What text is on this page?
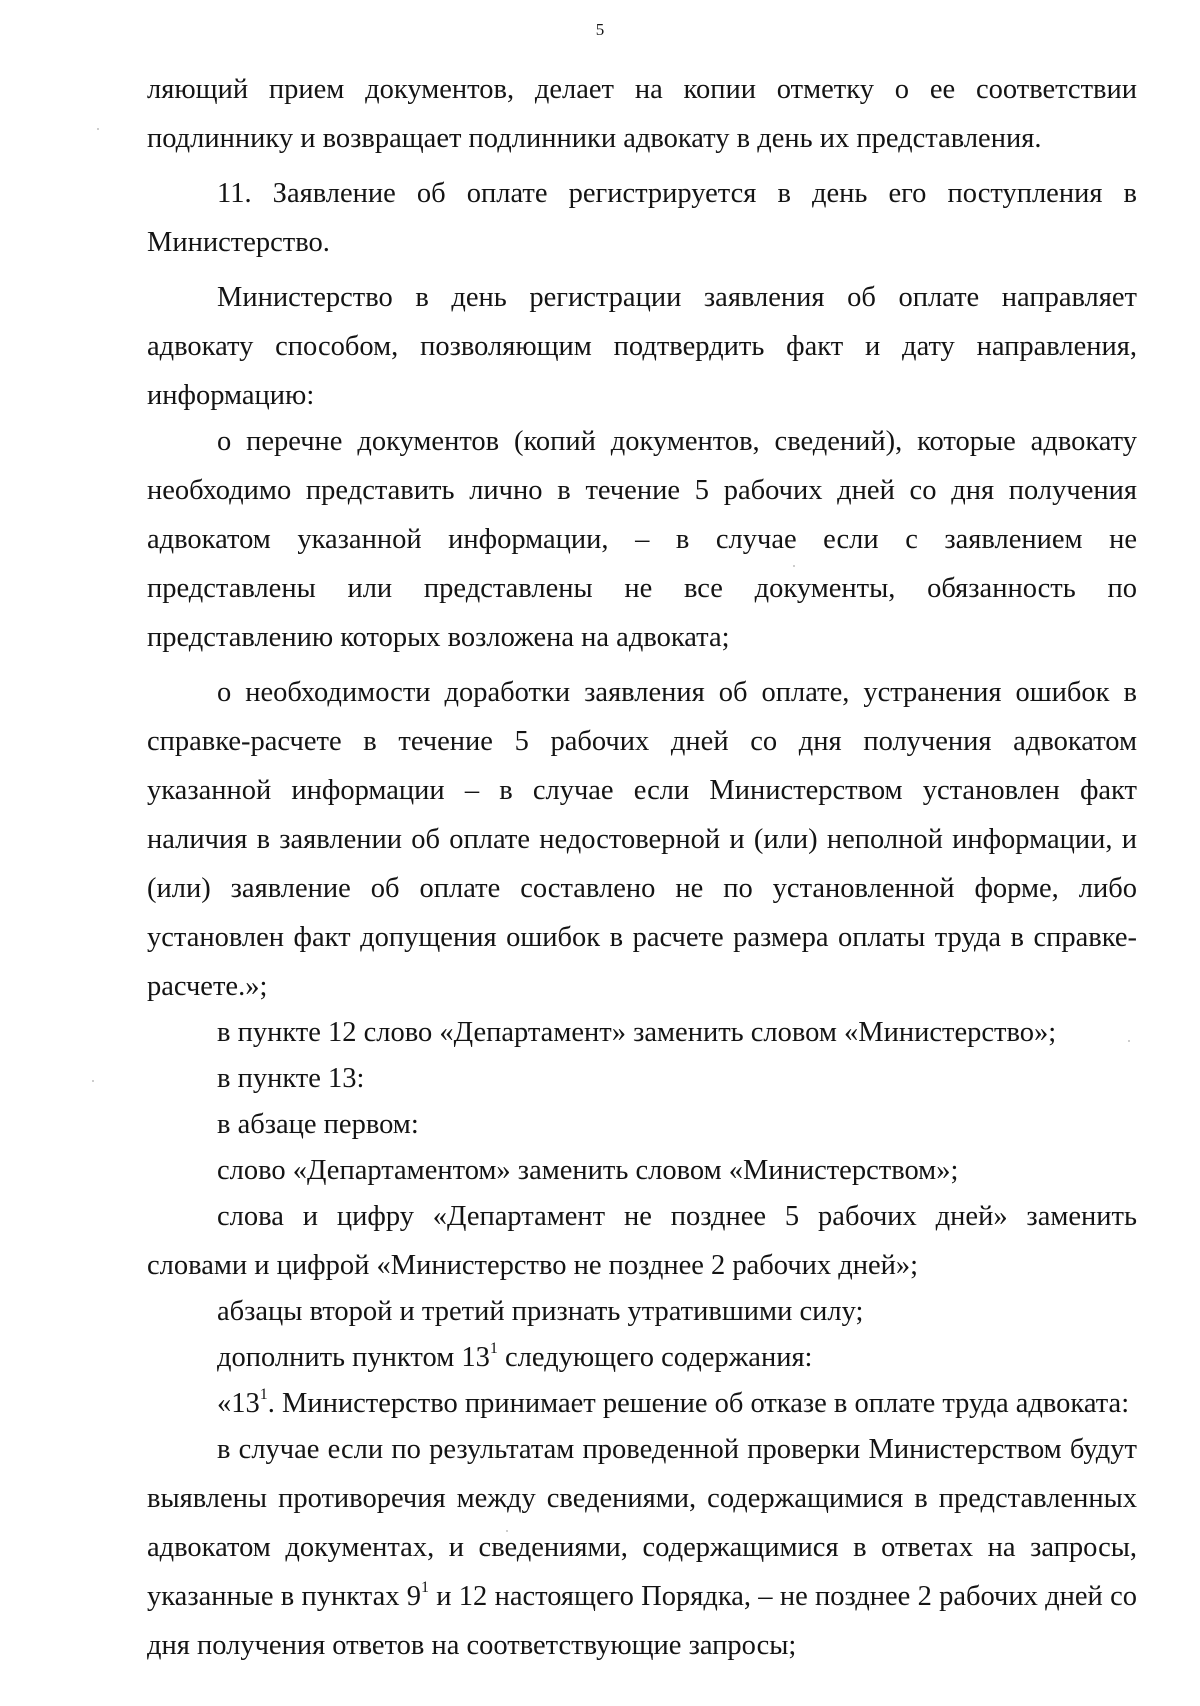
5

ляющий прием документов, делает на копии отметку о ее соответствии подлиннику и возвращает подлинники адвокату в день их представления.

11. Заявление об оплате регистрируется в день его поступления в Министерство.

Министерство в день регистрации заявления об оплате направляет адвокату способом, позволяющим подтвердить факт и дату направления, информацию:

о перечне документов (копий документов, сведений), которые адвокату необходимо представить лично в течение 5 рабочих дней со дня получения адвокатом указанной информации, – в случае если с заявлением не представлены или представлены не все документы, обязанность по представлению которых возложена на адвоката;

о необходимости доработки заявления об оплате, устранения ошибок в справке-расчете в течение 5 рабочих дней со дня получения адвокатом указанной информации – в случае если Министерством установлен факт наличия в заявлении об оплате недостоверной и (или) неполной информации, и (или) заявление об оплате составлено не по установленной форме, либо установлен факт допущения ошибок в расчете размера оплаты труда в справке-расчете.»;

в пункте 12 слово «Департамент» заменить словом «Министерство»;

в пункте 13:

в абзаце первом:

слово «Департаментом» заменить словом «Министерством»;

слова и цифру «Департамент не позднее 5 рабочих дней» заменить словами и цифрой «Министерство не позднее 2 рабочих дней»;

абзацы второй и третий признать утратившими силу;

дополнить пунктом $13^1$ следующего содержания:

«$13^1$. Министерство принимает решение об отказе в оплате труда адвоката:

в случае если по результатам проведенной проверки Министерством будут выявлены противоречия между сведениями, содержащимися в представленных адвокатом документах, и сведениями, содержащимися в ответах на запросы, указанные в пунктах $9^1$ и 12 настоящего Порядка, – не позднее 2 рабочих дней со дня получения ответов на соответствующие запросы;
